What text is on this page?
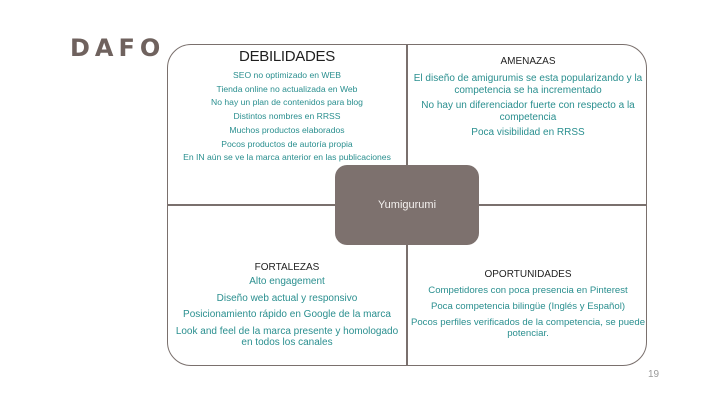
DAFO	DEBILIDADES
SEO no optimizado en WEB
Tienda online no actualizada en Web
No hay un plan de contenidos para blog
Distintos nombres en RRSS
Muchos productos elaborados
Pocos productos de autoría propia
En IN aún se ve la marca anterior en las publicaciones
AMENAZAS
El diseño de amigurumis se esta popularizando y la competencia se ha incrementado
No hay un diferenciador fuerte con respecto a la competencia
Poca visibilidad en RRSS
FORTALEZAS
Alto engagement
Diseño web actual y responsivo
Posicionamiento rápido en Google de la marca
Look and feel de la marca presente y homologado en todos los canales
OPORTUNIDADES
Competidores con poca presencia en Pinterest
Poca competencia bilingüe (Inglés y Español)
Pocos perfiles verificados de la competencia, se puede potenciar.
Yumigurumi
19
